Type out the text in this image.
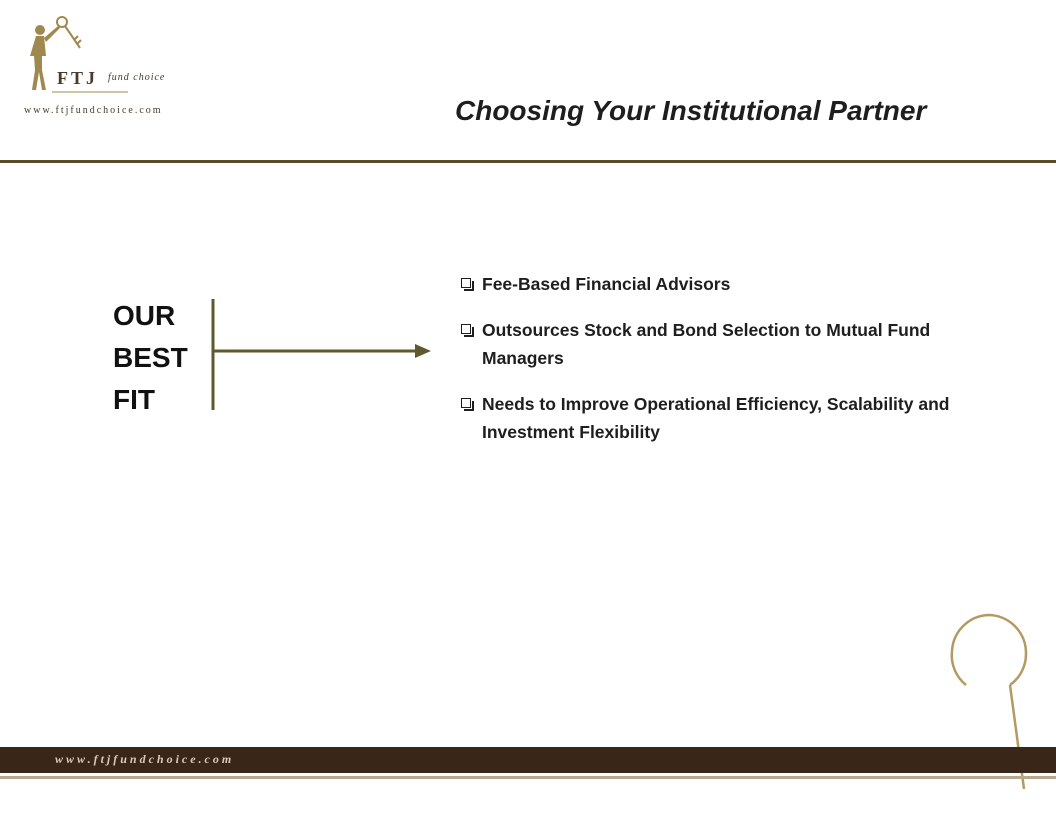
FTJ fund choice
www.ftjfundchoice.com	Choosing Your Institutional Partner
OUR
BEST
FIT
Fee-Based Financial Advisors
Outsources Stock and Bond Selection to Mutual Fund Managers
Needs to Improve Operational Efficiency, Scalability and Investment Flexibility
www.ftjfundchoice.com
